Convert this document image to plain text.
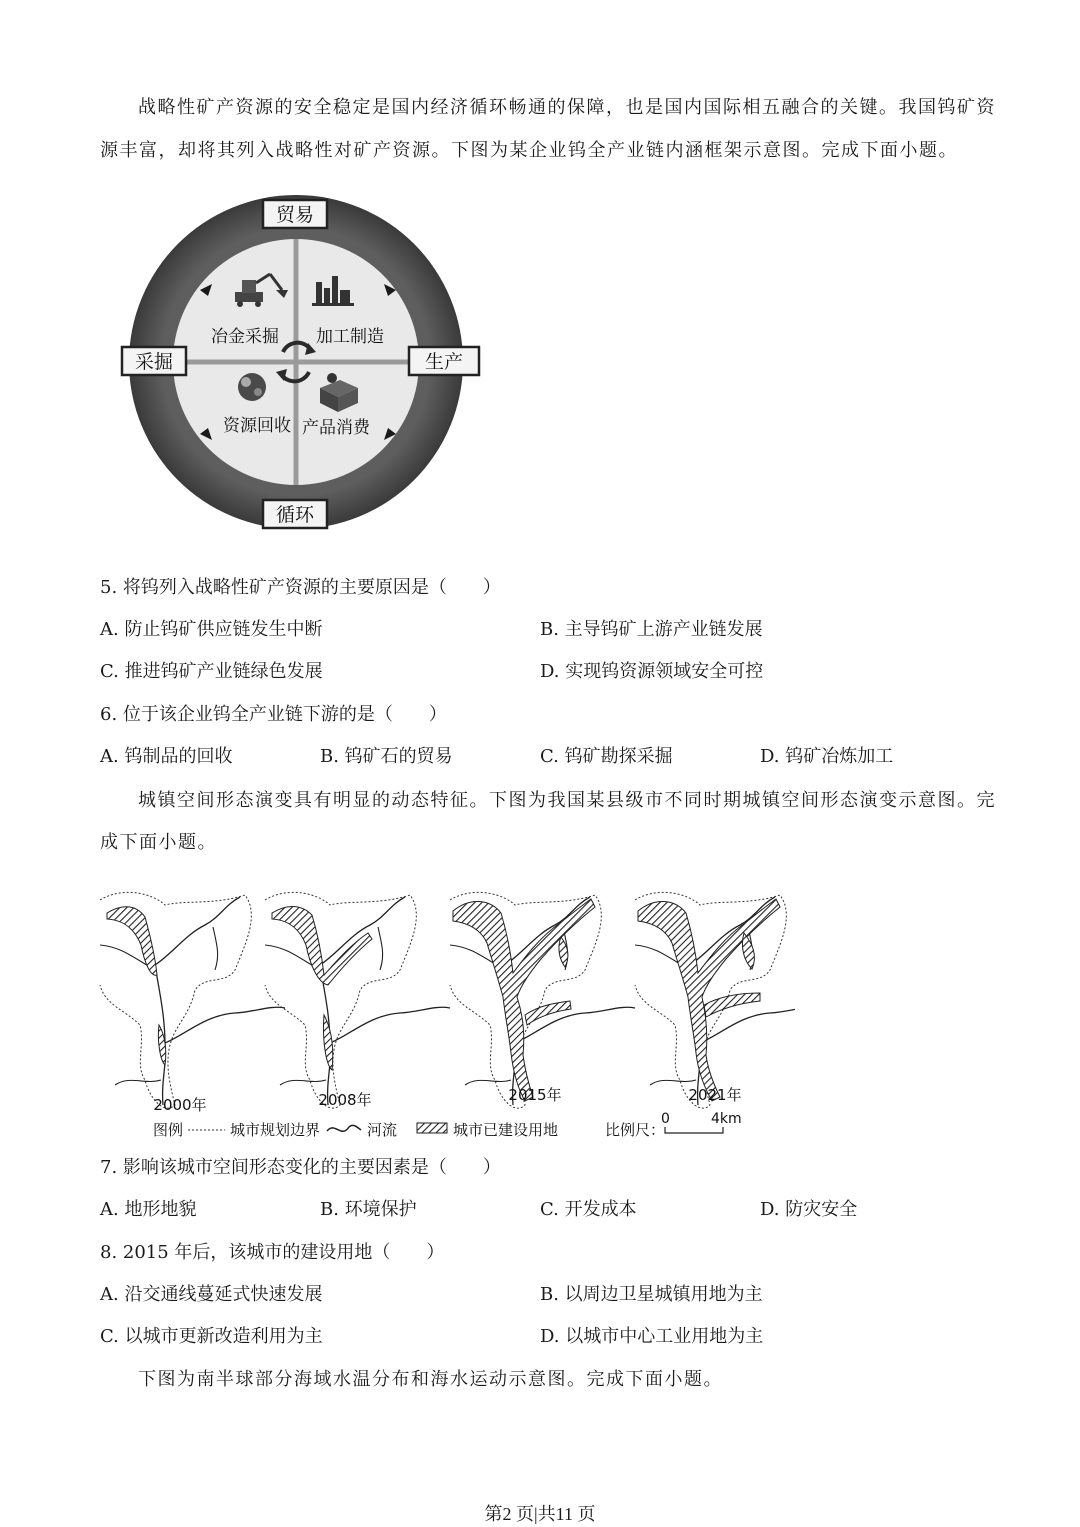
战略性矿产资源的安全稳定是国内经济循环畅通的保障，也是国内国际相五融合的关键。我国钨矿资
源丰富，却将其列入战略性对矿产资源。下图为某企业钨全产业链内涵框架示意图。完成下面小题。
贸易
采掘	生产
循环
冶金采掘 加工制造
资源回收 产品消费
5. 将钨列入战略性矿产资源的主要原因是（　　）
A. 防止钨矿供应链发生中断	B. 主导钨矿上游产业链发展
C. 推进钨矿产业链绿色发展	D. 实现钨资源领域安全可控
6. 位于该企业钨全产业链下游的是（　　）
A. 钨制品的回收	B. 钨矿石的贸易	C. 钨矿勘探采掘	D. 钨矿冶炼加工
城镇空间形态演变具有明显的动态特征。下图为我国某县级市不同时期城镇空间形态演变示意图。完
成下面小题。
2000年	2008年	2015年	2021年
图例	城市规划边界	河流	城市已建设用地	比例尺：
0	4km
7. 影响该城市空间形态变化的主要因素是（　　）
A. 地形地貌	B. 环境保护	C. 开发成本	D. 防灾安全
8. 2015 年后，该城市的建设用地（　　）
A. 沿交通线蔓延式快速发展	B. 以周边卫星城镇用地为主
C. 以城市更新改造利用为主	D. 以城市中心工业用地为主
下图为南半球部分海域水温分布和海水运动示意图。完成下面小题。
第2 页|共11 页
